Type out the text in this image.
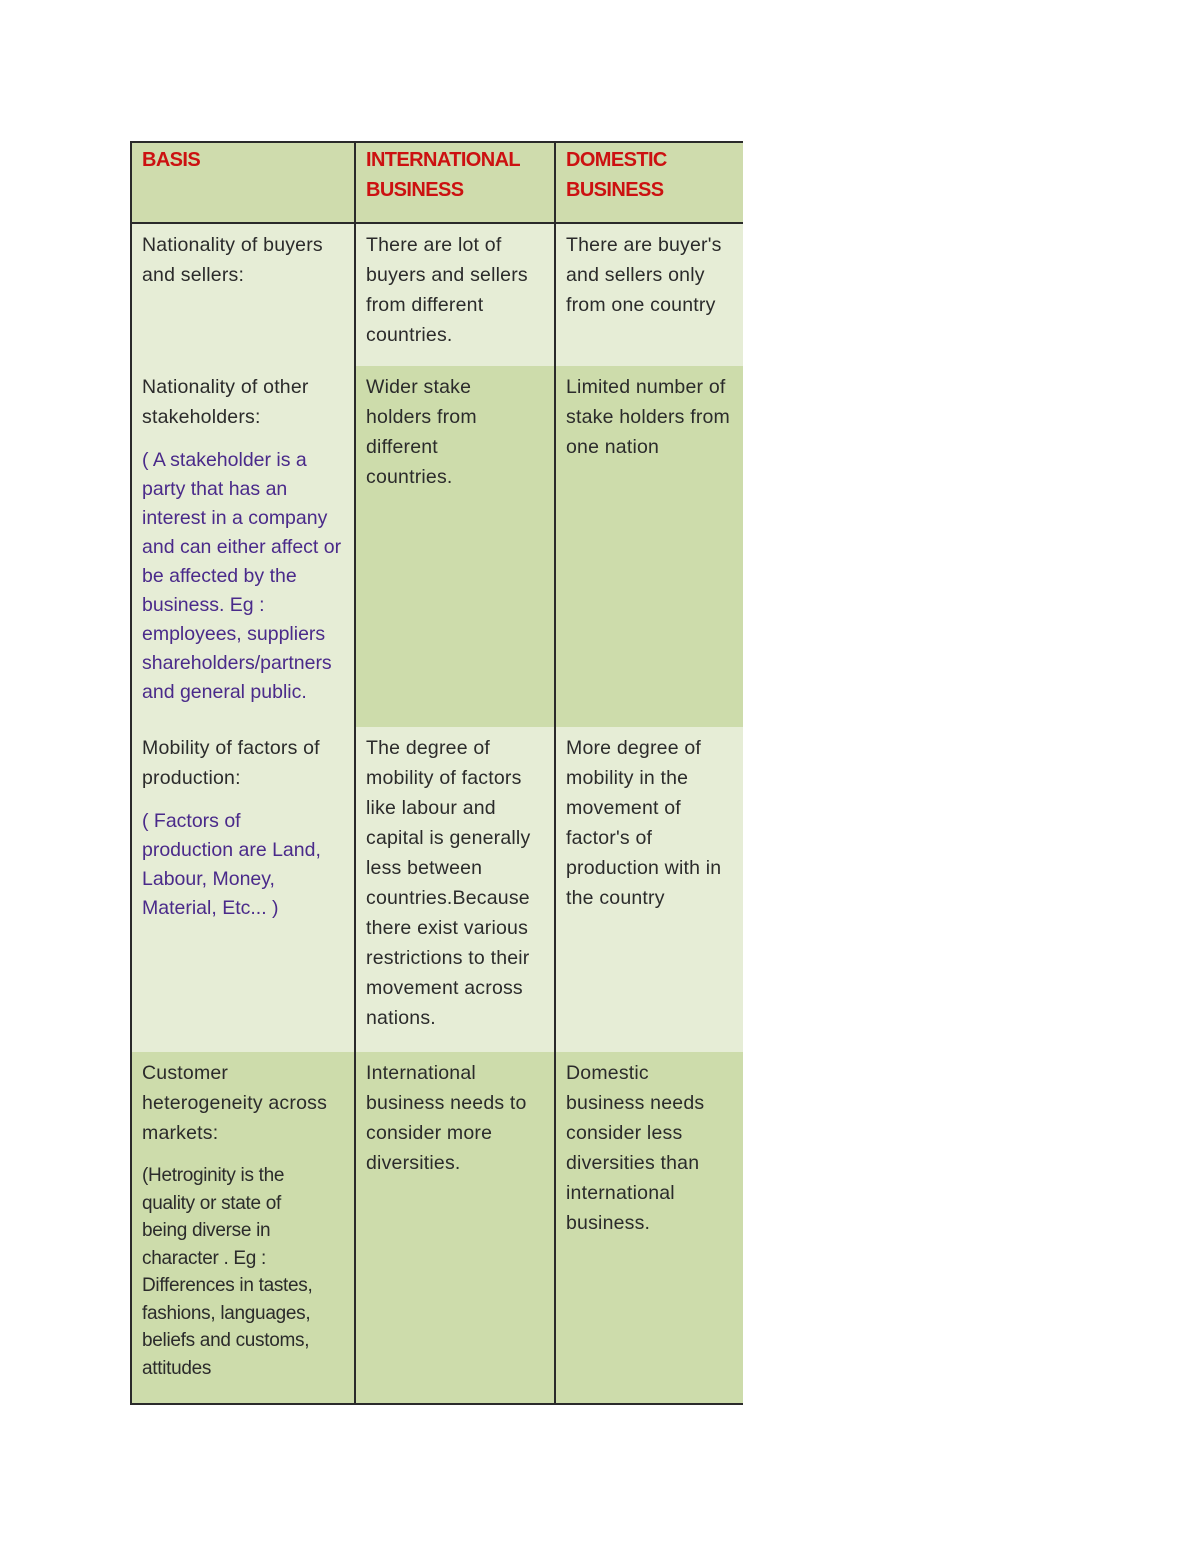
BASIS	INTERNATIONAL BUSINESS
DOMESTIC BUSINESS
Nationality of buyers and sellers:
There are lot of buyers and sellers from different countries.
There are buyer's and sellers only from one country
Nationality of other stakeholders:
( A stakeholder is a party that has an interest in a company and can either affect or be affected by the business. Eg : employees, suppliers shareholders/partners and general public.
Wider stake holders from different countries.
Limited number of stake holders from one nation
Mobility of factors of production:
( Factors of production are Land, Labour, Money, Material, Etc... )
The degree of mobility of factors like labour and capital is generally less between countries.Because there exist various restrictions to their movement across nations.
More degree of mobility in the movement of factor's of production with in the country
Customer heterogeneity across markets:
(Hetroginity is the quality or state of being diverse in character . Eg : Differences in tastes, fashions, languages, beliefs and customs, attitudes
International business needs to consider more diversities.
Domestic business needs consider less diversities than international business.
